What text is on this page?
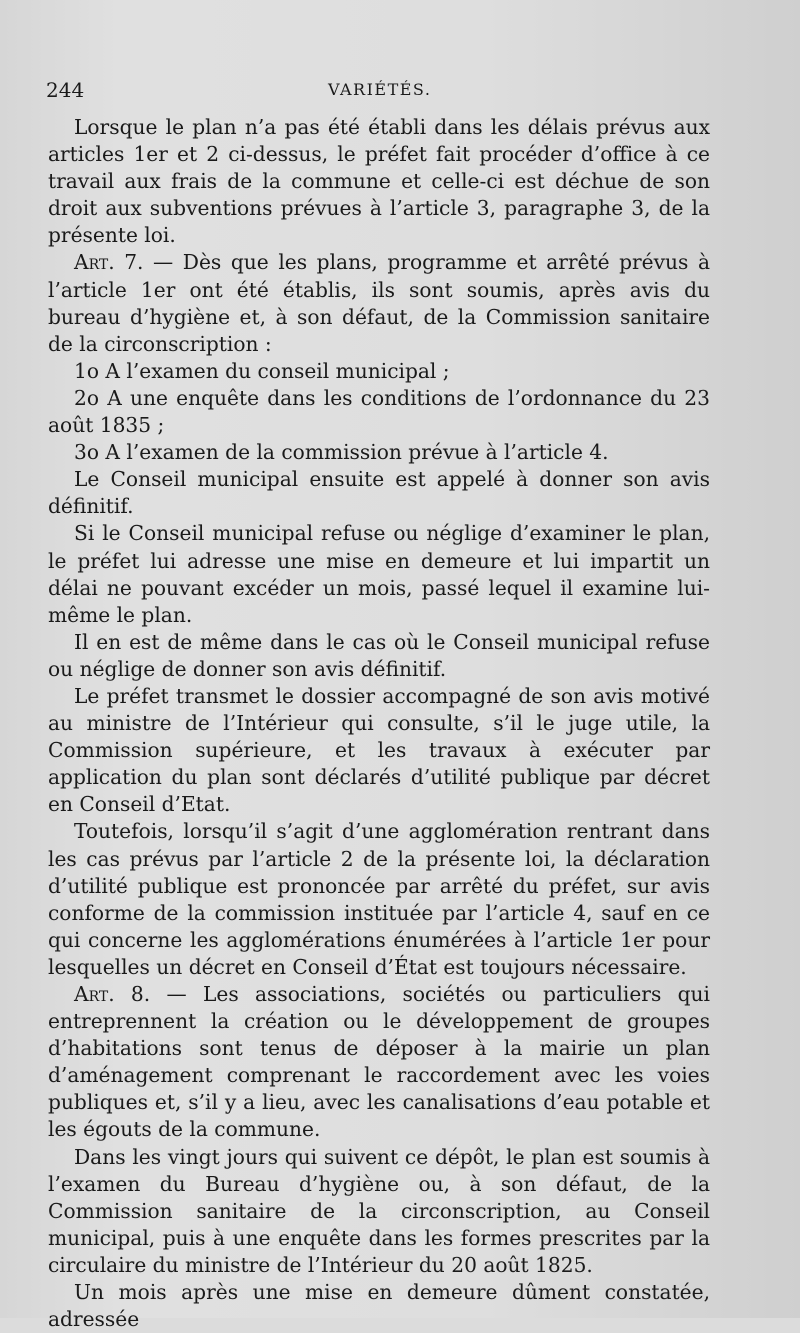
244	VARIÉTÉS.

Lorsque le plan n’a pas été établi dans les délais prévus aux articles 1er et 2 ci-dessus, le préfet fait procéder d’office à ce travail aux frais de la commune et celle-ci est déchue de son droit aux subventions prévues à l’article 3, paragraphe 3, de la présente loi.

Art. 7. — Dès que les plans, programme et arrêté prévus à l’article 1er ont été établis, ils sont soumis, après avis du bureau d’hygiène et, à son défaut, de la Commission sanitaire de la circonscription :

1o A l’examen du conseil municipal ;

2o A une enquête dans les conditions de l’ordonnance du 23 août 1835 ;

3o A l’examen de la commission prévue à l’article 4.

Le Conseil municipal ensuite est appelé à donner son avis définitif.

Si le Conseil municipal refuse ou néglige d’examiner le plan, le préfet lui adresse une mise en demeure et lui impartit un délai ne pouvant excéder un mois, passé lequel il examine lui-même le plan.

Il en est de même dans le cas où le Conseil municipal refuse ou néglige de donner son avis définitif.

Le préfet transmet le dossier accompagné de son avis motivé au ministre de l’Intérieur qui consulte, s’il le juge utile, la Commission supérieure, et les travaux à exécuter par application du plan sont déclarés d’utilité publique par décret en Conseil d’Etat.

Toutefois, lorsqu’il s’agit d’une agglomération rentrant dans les cas prévus par l’article 2 de la présente loi, la déclaration d’utilité publique est prononcée par arrêté du préfet, sur avis conforme de la commission instituée par l’article 4, sauf en ce qui concerne les agglomérations énumérées à l’article 1er pour lesquelles un décret en Conseil d’État est toujours nécessaire.

Art. 8. — Les associations, sociétés ou particuliers qui entreprennent la création ou le développement de groupes d’habitations sont tenus de déposer à la mairie un plan d’aménagement comprenant le raccordement avec les voies publiques et, s’il y a lieu, avec les canalisations d’eau potable et les égouts de la commune.

Dans les vingt jours qui suivent ce dépôt, le plan est soumis à l’examen du Bureau d’hygiène ou, à son défaut, de la Commission sanitaire de la circonscription, au Conseil municipal, puis à une enquête dans les formes prescrites par la circulaire du ministre de l’Intérieur du 20 août 1825.

Un mois après une mise en demeure dûment constatée, adressée
